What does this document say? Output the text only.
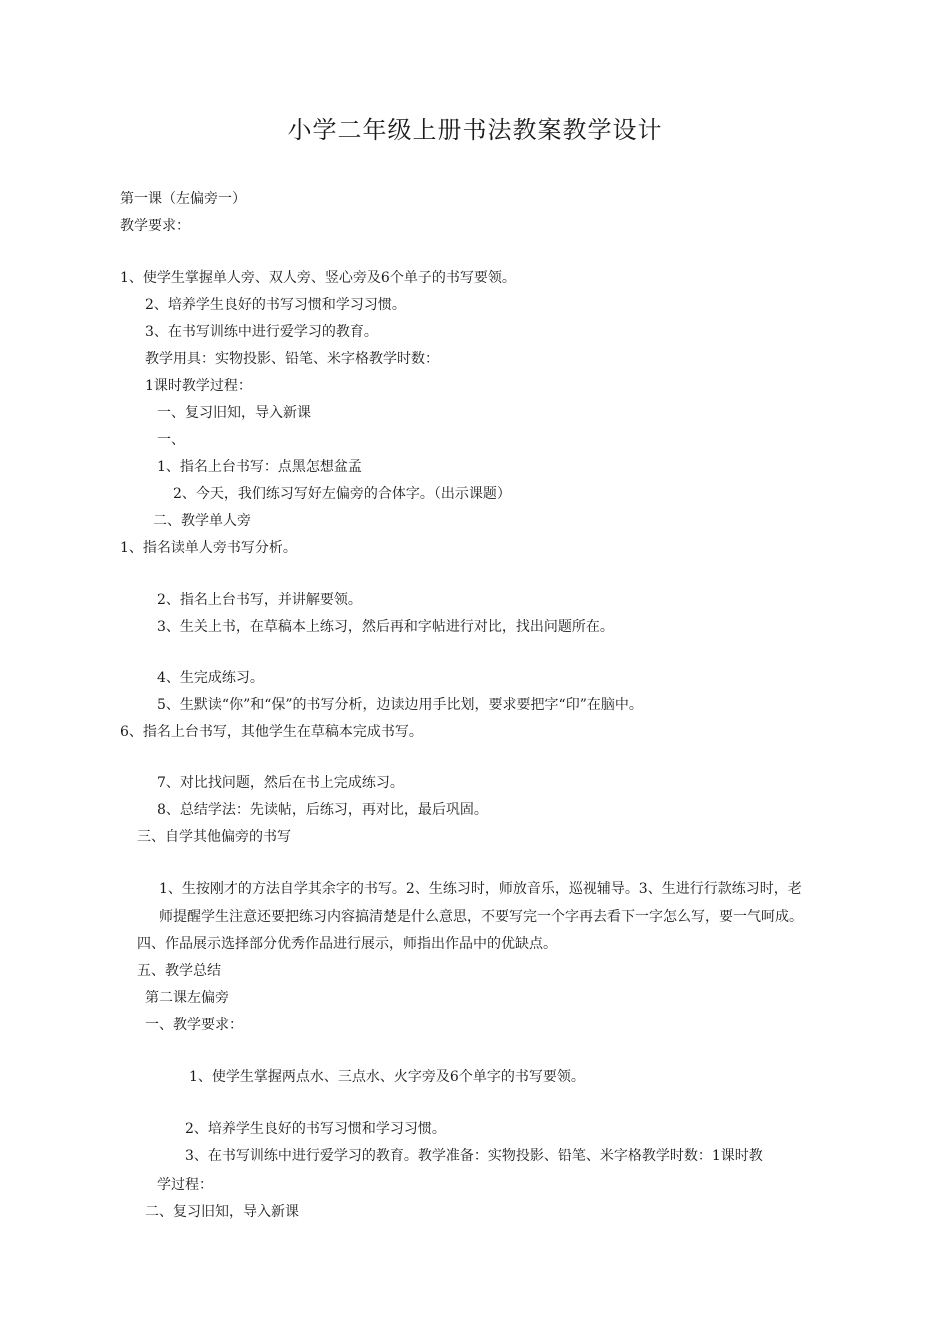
小学二年级上册书法教案教学设计
第一课（左偏旁一）
教学要求：
1、使学生掌握单人旁、双人旁、竖心旁及6个单子的书写要领。
2、培养学生良好的书写习惯和学习习惯。
3、在书写训练中进行爱学习的教育。
教学用具：实物投影、铅笔、米字格教学时数：
1课时教学过程：
一、复习旧知，导入新课
一、
1、指名上台书写：点黑怎想盆孟
2、今天，我们练习写好左偏旁的合体字。（出示课题）
二、教学单人旁
1、指名读单人旁书写分析。
2、指名上台书写，并讲解要领。
3、生关上书，在草稿本上练习，然后再和字帖进行对比，找出问题所在。
4、生完成练习。
5、生默读“你”和“保”的书写分析，边读边用手比划，要求要把字“印”在脑中。
6、指名上台书写，其他学生在草稿本完成书写。
7、对比找问题，然后在书上完成练习。
8、总结学法：先读帖，后练习，再对比，最后巩固。
三、自学其他偏旁的书写
1、生按刚才的方法自学其余字的书写。2、生练习时，师放音乐，巡视辅导。3、生进行行款练习时，老
师提醒学生注意还要把练习内容搞清楚是什么意思，不要写完一个字再去看下一字怎么写，要一气呵成。
四、作品展示选择部分优秀作品进行展示，师指出作品中的优缺点。
五、教学总结
第二课左偏旁
一、教学要求：
1、使学生掌握两点水、三点水、火字旁及6个单字的书写要领。
2、培养学生良好的书写习惯和学习习惯。
3、在书写训练中进行爱学习的教育。教学准备：实物投影、铅笔、米字格教学时数：1课时教
学过程：
二、复习旧知，导入新课
